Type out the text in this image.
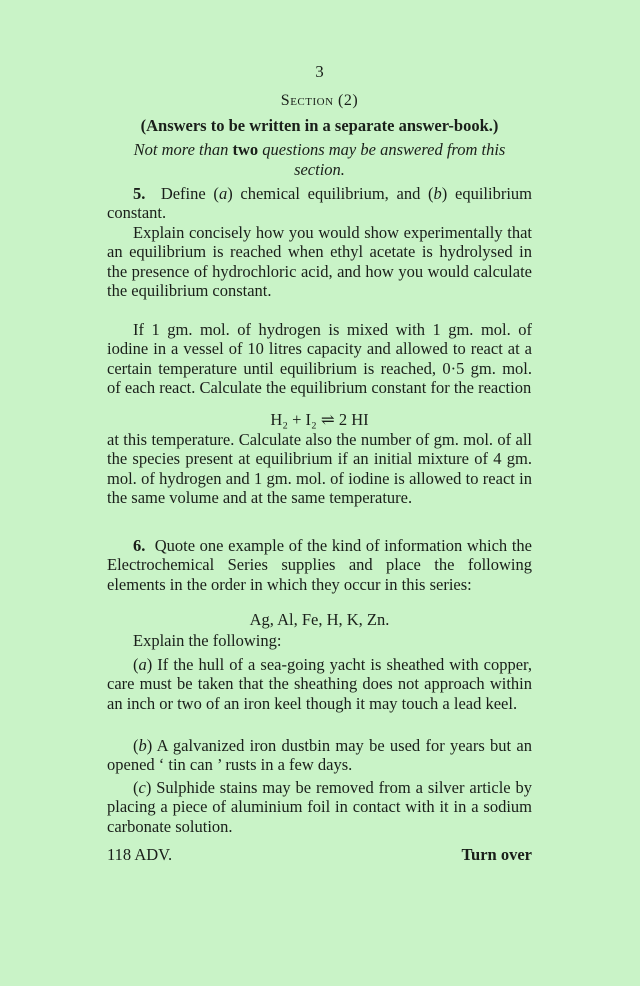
3
Section (2)
(Answers to be written in a separate answer-book.)
Not more than two questions may be answered from this section.
5. Define (a) chemical equilibrium, and (b) equilibrium constant.
Explain concisely how you would show experimentally that an equilibrium is reached when ethyl acetate is hydrolysed in the presence of hydrochloric acid, and how you would calculate the equilibrium constant.
If 1 gm. mol. of hydrogen is mixed with 1 gm. mol. of iodine in a vessel of 10 litres capacity and allowed to react at a certain temperature until equilibrium is reached, 0·5 gm. mol. of each react. Calculate the equilibrium constant for the reaction
H₂ + I₂ ⇌ 2 HI
at this temperature. Calculate also the number of gm. mol. of all the species present at equilibrium if an initial mixture of 4 gm. mol. of hydrogen and 1 gm. mol. of iodine is allowed to react in the same volume and at the same temperature.
6. Quote one example of the kind of information which the Electrochemical Series supplies and place the following elements in the order in which they occur in this series:
Ag, Al, Fe, H, K, Zn.
Explain the following:
(a) If the hull of a sea-going yacht is sheathed with copper, care must be taken that the sheathing does not approach within an inch or two of an iron keel though it may touch a lead keel.
(b) A galvanized iron dustbin may be used for years but an opened ‘ tin can ’ rusts in a few days.
(c) Sulphide stains may be removed from a silver article by placing a piece of aluminium foil in contact with it in a sodium carbonate solution.
118 ADV.	Turn over
